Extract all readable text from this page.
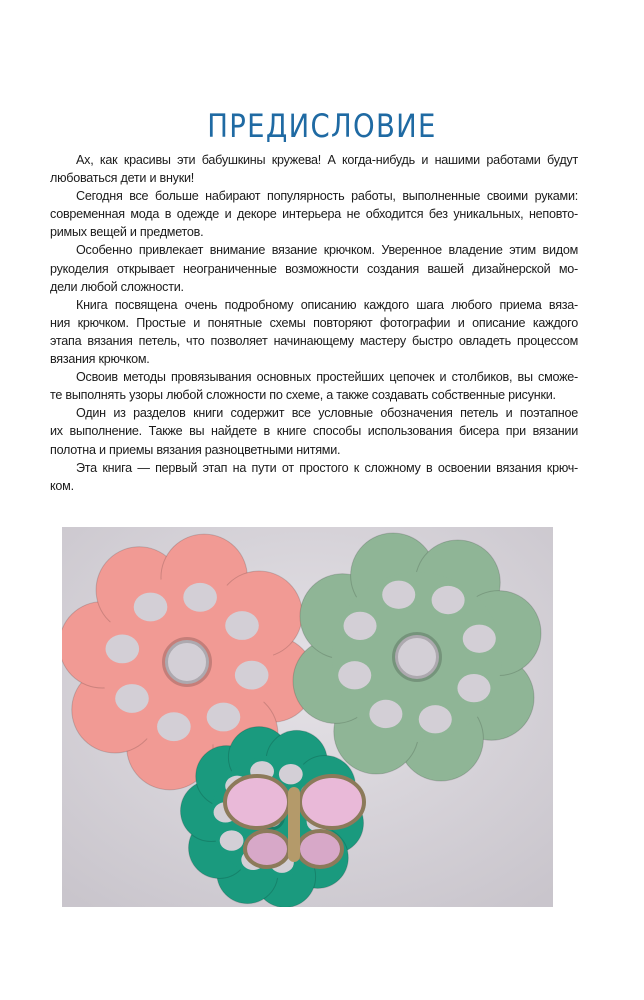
ПРЕДИСЛОВИЕ
Ах, как красивы эти бабушкины кружева! А когда-нибудь и нашими работами будут
любоваться дети и внуки!
Сегодня все больше набирают популярность работы, выполненные своими руками:
современная мода в одежде и декоре интерьера не обходится без уникальных, неповто-
римых вещей и предметов.
Особенно привлекает внимание вязание крючком. Уверенное владение этим видом
рукоделия открывает неограниченные возможности создания вашей дизайнерской мо-
дели любой сложности.
Книга посвящена очень подробному описанию каждого шага любого приема вяза-
ния крючком. Простые и понятные схемы повторяют фотографии и описание каждого
этапа вязания петель, что позволяет начинающему мастеру быстро овладеть процессом
вязания крючком.
Освоив методы провязывания основных простейших цепочек и столбиков, вы сможе-
те выполнять узоры любой сложности по схеме, а также создавать собственные рисунки.
Один из разделов книги содержит все условные обозначения петель и поэтапное
их выполнение. Также вы найдете в книге способы использования бисера при вязании
полотна и приемы вязания разноцветными нитями.
Эта книга — первый этап на пути от простого к сложному в освоении вязания крюч-
ком.
